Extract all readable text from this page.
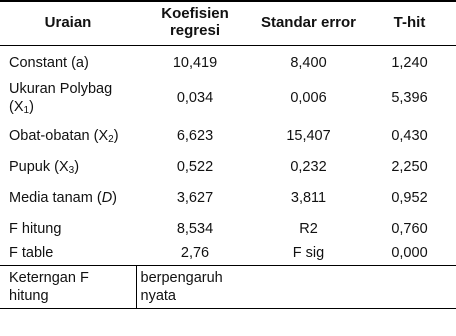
Uraian	Koefisien regresi	Standar error	T-hit
Constant (a)	10,419	8,400	1,240
Ukuran Polybag $(X_1)$	0,034	0,006	5,396
Obat-obatan $(X_2)$	6,623	15,407	0,430
Pupuk $(X_3)$	0,522	0,232	2,250
Media tanam (D)	3,627	3,811	0,952
F hitung	8,534	R2	0,760
F table	2,76	F sig	0,000
Keterngan F hitung	berpengaruh nyata		
